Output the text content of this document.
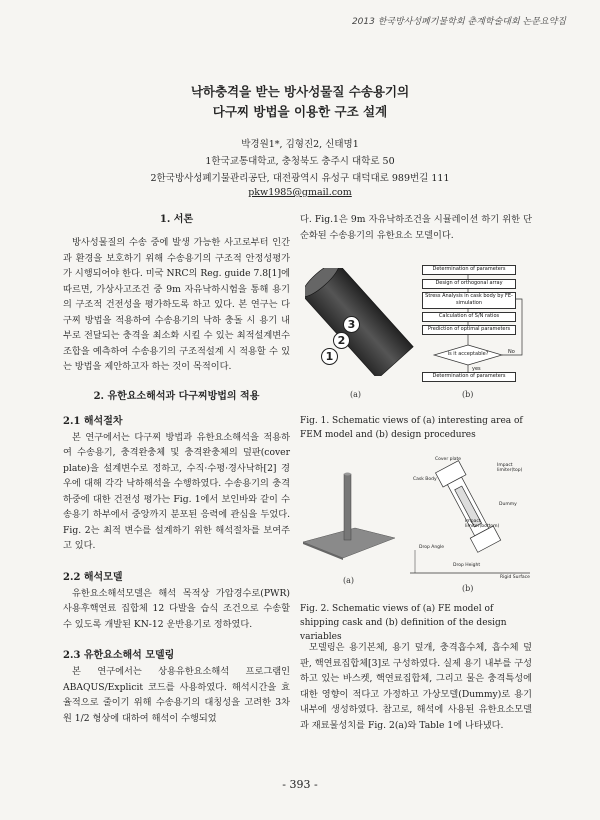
2013 한국방사성폐기물학회 춘계학술대회 논문요약집
낙하충격을 받는 방사성물질 수송용기의
다구찌 방법을 이용한 구조 설계
박경원1*, 김형진2, 신태명1
1한국교통대학교, 충청북도 충주시 대학로 50
2한국방사성폐기물관리공단, 대전광역시 유성구 대덕대로 989번길 111
pkw1985@gmail.com
1. 서론

방사성물질의 수송 중에 발생 가능한 사고로부터 인간과 환경을 보호하기 위해 수송용기의 구조적 안정성평가가 시행되어야 한다. 미국 NRC의 Reg. guide 7.8[1]에 따르면, 가상사고조건 중 9m 자유낙하시험을 통해 용기의 구조적 건전성을 평가하도록 하고 있다. 본 연구는 다구찌 방법을 적용하여 수송용기의 낙하 충돌 시 용기 내부로 전달되는 충격을 최소화 시킬 수 있는 최적설계변수 조합을 예측하여 수송용기의 구조적설계 시 적용할 수 있는 방법을 제안하고자 하는 것이 목적이다.

2. 유한요소해석과 다구찌방법의 적용
2.1 해석절차

본 연구에서는 다구찌 방법과 유한요소해석을 적용하여 수송용기, 충격완충체 및 충격완충체의 덮판(cover plate)을 설계변수로 정하고, 수직·수평·경사낙하[2] 경우에 대해 각각 낙하해석을 수행하였다. 수송용기의 충격하중에 대한 건전성 평가는 Fig. 1에서 보인바와 같이 수송용기 하부에서 중앙까지 분포된 응력에 관심을 두었다. Fig. 2는 최적 변수를 설계하기 위한 해석절차를 보여주고 있다.

2.2 해석모델

유한요소해석모델은 해석 목적상 가압경수로(PWR) 사용후핵연료 집합체 12 다발을 습식 조건으로 수송할 수 있도록 개발된 KN-12 운반용기로 정하였다.

2.3 유한요소해석 모델링

본 연구에서는 상용유한요소해석 프로그램인 ABAQUS/Explicit 코드를 사용하였다. 해석시간을 효율적으로 줄이기 위해 수송용기의 대칭성을 고려한 3차원 1/2 형상에 대하여 해석이 수행되었

다. Fig.1은 9m 자유낙하조건을 시뮬레이션 하기 위한 단순화된 수송용기의 유한요소 모델이다.

3
2
1
(a)
Determination of parameters
Design of orthogonal array
Stress Analysis in cask body by FE-simulation
Calculation of S/N ratios
Prediction of optimal parameters
Is it acceptable?	No
yes
Determination of parameters
(b)

Fig. 1. Schematic views of (a) interesting area of FEM model and (b) design procedures

(a)
Cover plate
Impact limiter(top)
Cask Body
Dummy
Impact limiter(bottom)
Drop Angle
Drop Height
Rigid Surface
(b)

Fig. 2. Schematic views of (a) FE model of shipping cask and (b) definition of the design variables

모델링은 용기본체, 용기 덮개, 충격흡수체, 흡수체 덮판, 핵연료집합체[3]로 구성하였다. 실제 용기 내부를 구성하고 있는 바스켓, 핵연료집합체, 그리고 물은 충격특성에 대한 영향이 적다고 가정하고 가상모델(Dummy)로 용기내부에 생성하였다. 참고로, 해석에 사용된 유한요소모델과 재료물성치를 Fig. 2(a)와 Table 1에 나타냈다.

- 393 -
